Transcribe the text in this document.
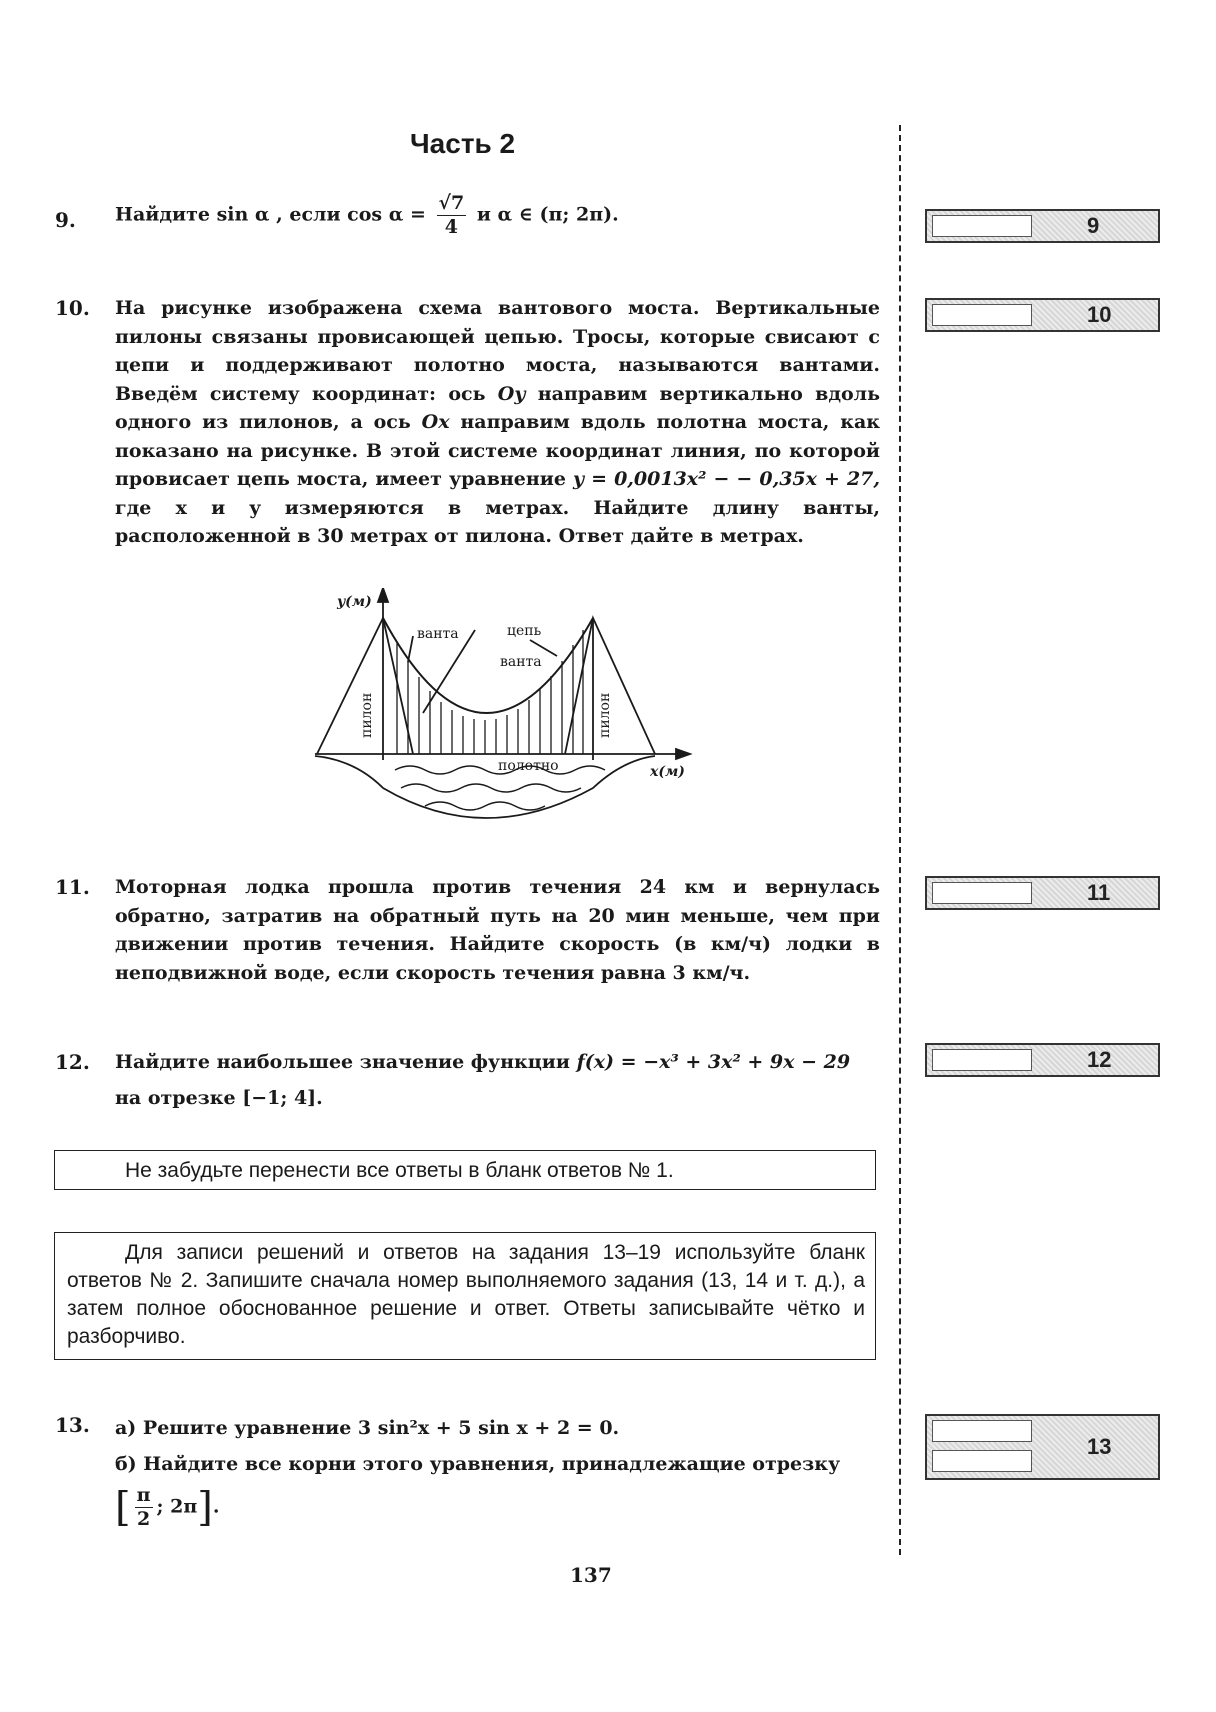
Часть 2
9. Найдите sin α , если $\cos \alpha = \frac{√7}{4}$ и α ∈ (π; 2π).
10. На рисунке изображена схема вантового моста. Вертикальные пилоны связаны провисающей цепью. Тросы, которые свисают с цепи и поддерживают полотно моста, называются вантами. Введём систему координат: ось Oy направим вертикально вдоль одного из пилонов, а ось Ox направим вдоль полотна моста, как показано на рисунке. В этой системе координат линия, по которой провисает цепь моста, имеет уравнение y = 0,0013x² − − 0,35x + 27, где x и y измеряются в метрах. Найдите длину ванты, расположенной в 30 метрах от пилона. Ответ дайте в метрах.
y(м)
x(м)
ванта	цепь
ванта
полотно
пилон	пилон
11. Моторная лодка прошла против течения 24 км и вернулась обратно, затратив на обратный путь на 20 мин меньше, чем при движении против течения. Найдите скорость (в км/ч) лодки в неподвижной воде, если скорость течения равна 3 км/ч.
12. Найдите наибольшее значение функции f(x) = −x³ + 3x² + 9x − 29
на отрезке [−1; 4].
Не забудьте перенести все ответы в бланк ответов № 1.
Для записи решений и ответов на задания 13–19 используйте бланк ответов № 2. Запишите сначала номер выполняемого задания (13, 14 и т. д.), а затем полное обоснованное решение и ответ. Ответы записывайте чётко и разборчиво.
13. а) Решите уравнение 3 sin²x + 5 sin x + 2 = 0.
б) Найдите все корни этого уравнения, принадлежащие отрезку
[ $\frac{\pi}{2}$ ; 2π].
9
10
11
12
13
137
